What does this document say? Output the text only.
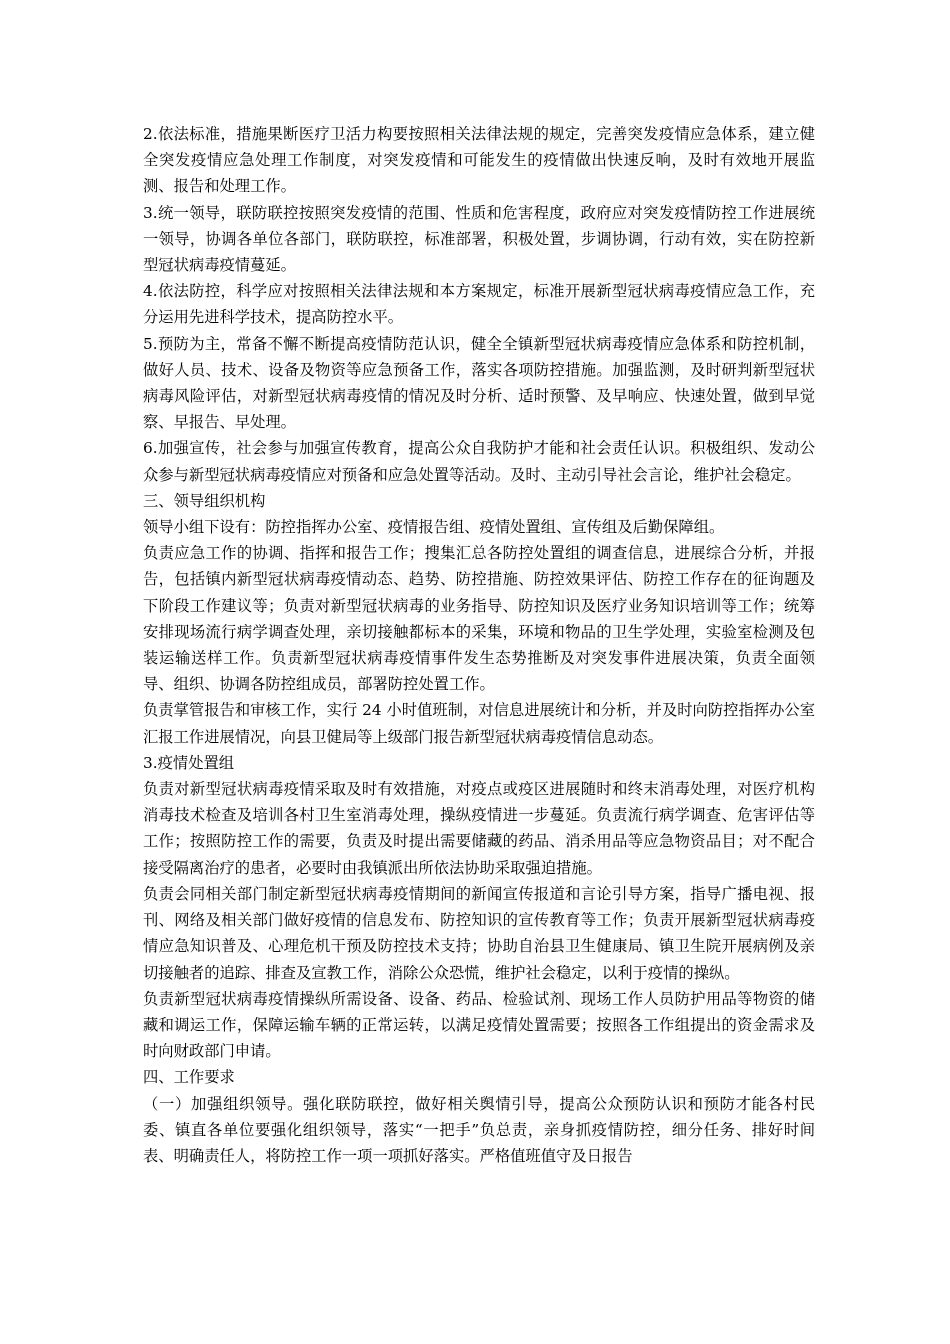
2.依法标准，措施果断医疗卫活力构要按照相关法律法规的规定，完善突发疫情应急体系，建立健全突发疫情应急处理工作制度，对突发疫情和可能发生的疫情做出快速反响，及时有效地开展监测、报告和处理工作。

3.统一领导，联防联控按照突发疫情的范围、性质和危害程度，政府应对突发疫情防控工作进展统一领导，协调各单位各部门，联防联控，标准部署，积极处置，步调协调，行动有效，实在防控新型冠状病毒疫情蔓延。

4.依法防控，科学应对按照相关法律法规和本方案规定，标准开展新型冠状病毒疫情应急工作，充分运用先进科学技术，提高防控水平。

5.预防为主，常备不懈不断提高疫情防范认识，健全全镇新型冠状病毒疫情应急体系和防控机制，做好人员、技术、设备及物资等应急预备工作，落实各项防控措施。加强监测，及时研判新型冠状病毒风险评估，对新型冠状病毒疫情的情况及时分析、适时预警、及早响应、快速处置，做到早觉察、早报告、早处理。

6.加强宣传，社会参与加强宣传教育，提高公众自我防护才能和社会责任认识。积极组织、发动公众参与新型冠状病毒疫情应对预备和应急处置等活动。及时、主动引导社会言论，维护社会稳定。

三、领导组织机构

领导小组下设有：防控指挥办公室、疫情报告组、疫情处置组、宣传组及后勤保障组。

负责应急工作的协调、指挥和报告工作；搜集汇总各防控处置组的调查信息，进展综合分析，并报告，包括镇内新型冠状病毒疫情动态、趋势、防控措施、防控效果评估、防控工作存在的征询题及下阶段工作建议等；负责对新型冠状病毒的业务指导、防控知识及医疗业务知识培训等工作；统筹安排现场流行病学调查处理，亲切接触都标本的采集，环境和物品的卫生学处理，实验室检测及包装运输送样工作。负责新型冠状病毒疫情事件发生态势推断及对突发事件进展决策，负责全面领导、组织、协调各防控组成员，部署防控处置工作。

负责掌管报告和审核工作，实行 24 小时值班制，对信息进展统计和分析，并及时向防控指挥办公室汇报工作进展情况，向县卫健局等上级部门报告新型冠状病毒疫情信息动态。

3.疫情处置组

负责对新型冠状病毒疫情采取及时有效措施，对疫点或疫区进展随时和终末消毒处理，对医疗机构消毒技术检查及培训各村卫生室消毒处理，操纵疫情进一步蔓延。负责流行病学调查、危害评估等工作；按照防控工作的需要，负责及时提出需要储藏的药品、消杀用品等应急物资品目；对不配合接受隔离治疗的患者，必要时由我镇派出所依法协助采取强迫措施。

负责会同相关部门制定新型冠状病毒疫情期间的新闻宣传报道和言论引导方案，指导广播电视、报刊、网络及相关部门做好疫情的信息发布、防控知识的宣传教育等工作；负责开展新型冠状病毒疫情应急知识普及、心理危机干预及防控技术支持；协助自治县卫生健康局、镇卫生院开展病例及亲切接触者的追踪、排查及宣教工作，消除公众恐慌，维护社会稳定，以利于疫情的操纵。

负责新型冠状病毒疫情操纵所需设备、设备、药品、检验试剂、现场工作人员防护用品等物资的储藏和调运工作，保障运输车辆的正常运转，以满足疫情处置需要；按照各工作组提出的资金需求及时向财政部门申请。

四、工作要求

（一）加强组织领导。强化联防联控，做好相关舆情引导，提高公众预防认识和预防才能各村民委、镇直各单位要强化组织领导，落实“一把手”负总责，亲身抓疫情防控，细分任务、排好时间表、明确责任人，将防控工作一项一项抓好落实。严格值班值守及日报告
